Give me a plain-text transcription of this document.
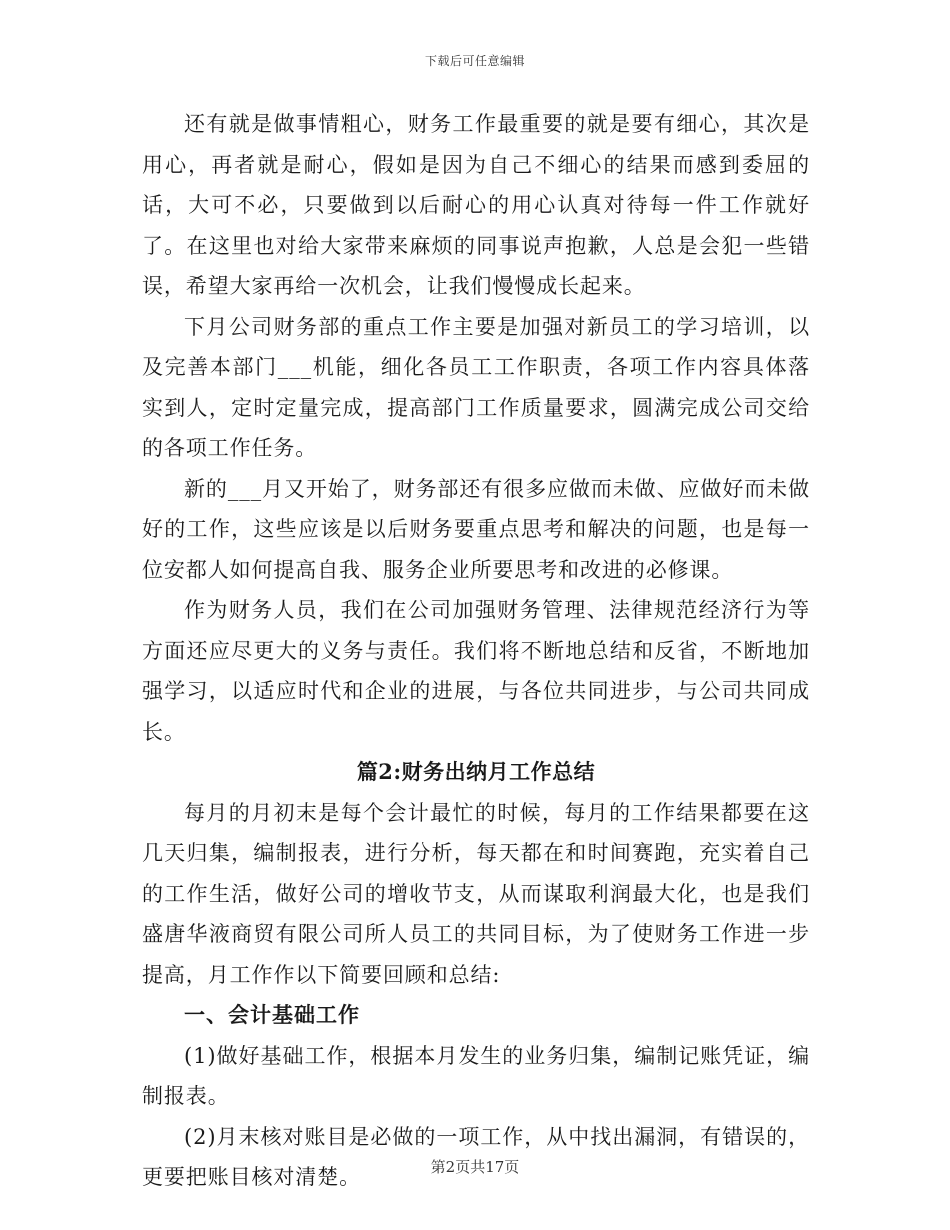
下载后可任意编辑

还有就是做事情粗心，财务工作最重要的就是要有细心，其次是用心，再者就是耐心，假如是因为自己不细心的结果而感到委屈的话，大可不必，只要做到以后耐心的用心认真对待每一件工作就好了。在这里也对给大家带来麻烦的同事说声抱歉，人总是会犯一些错误，希望大家再给一次机会，让我们慢慢成长起来。

下月公司财务部的重点工作主要是加强对新员工的学习培训，以及完善本部门___机能，细化各员工工作职责，各项工作内容具体落实到人，定时定量完成，提高部门工作质量要求，圆满完成公司交给的各项工作任务。

新的___月又开始了，财务部还有很多应做而未做、应做好而未做好的工作，这些应该是以后财务要重点思考和解决的问题，也是每一位安都人如何提高自我、服务企业所要思考和改进的必修课。

作为财务人员，我们在公司加强财务管理、法律规范经济行为等方面还应尽更大的义务与责任。我们将不断地总结和反省，不断地加强学习，以适应时代和企业的进展，与各位共同进步，与公司共同成长。

篇2:财务出纳月工作总结

每月的月初末是每个会计最忙的时候，每月的工作结果都要在这几天归集，编制报表，进行分析，每天都在和时间赛跑，充实着自己的工作生活，做好公司的增收节支，从而谋取利润最大化，也是我们盛唐华液商贸有限公司所人员工的共同目标，为了使财务工作进一步提高，月工作作以下简要回顾和总结:

一、会计基础工作

(1)做好基础工作，根据本月发生的业务归集，编制记账凭证，编制报表。

(2)月末核对账目是必做的一项工作，从中找出漏洞，有错误的，更要把账目核对清楚。	第2页共17页
